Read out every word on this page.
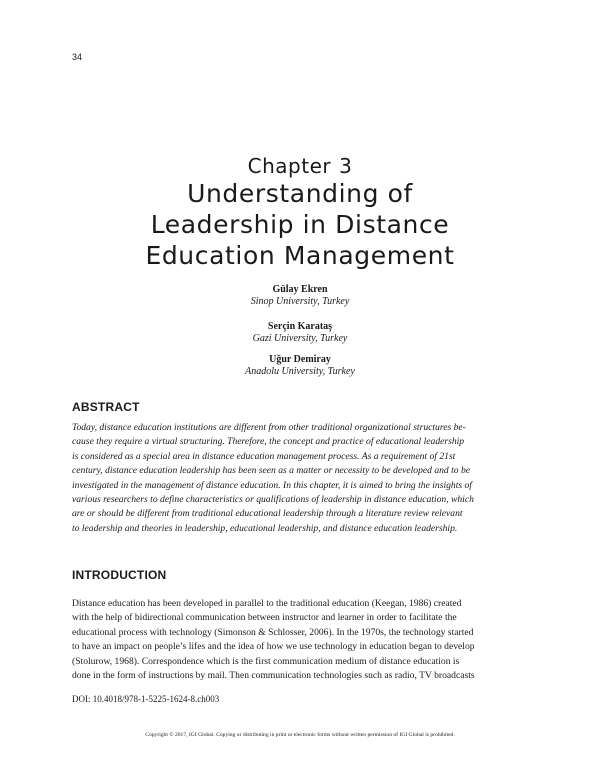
34
Chapter 3
Understanding of
Leadership in Distance
Education Management
Gülay Ekren
Sinop University, Turkey
Serçin Karataş
Gazi University, Turkey
Uğur Demiray
Anadolu University, Turkey
ABSTRACT
Today, distance education institutions are different from other traditional organizational structures be-
cause they require a virtual structuring. Therefore, the concept and practice of educational leadership
is considered as a special area in distance education management process. As a requirement of 21st
century, distance education leadership has been seen as a matter or necessity to be developed and to be
investigated in the management of distance education. In this chapter, it is aimed to bring the insights of
various researchers to define characteristics or qualifications of leadership in distance education, which
are or should be different from traditional educational leadership through a literature review relevant
to leadership and theories in leadership, educational leadership, and distance education leadership.
INTRODUCTION
Distance education has been developed in parallel to the traditional education (Keegan, 1986) created
with the help of bidirectional communication between instructor and learner in order to facilitate the
educational process with technology (Simonson & Schlosser, 2006). In the 1970s, the technology started
to have an impact on people’s lifes and the idea of how we use technology in education began to develop
(Stolurow, 1968). Correspondence which is the first communication medium of distance education is
done in the form of instructions by mail. Then communication technologies such as radio, TV broadcasts
DOI: 10.4018/978-1-5225-1624-8.ch003
Copyright © 2017, IGI Global. Copying or distributing in print or electronic forms without written permission of IGI Global is prohibited.
